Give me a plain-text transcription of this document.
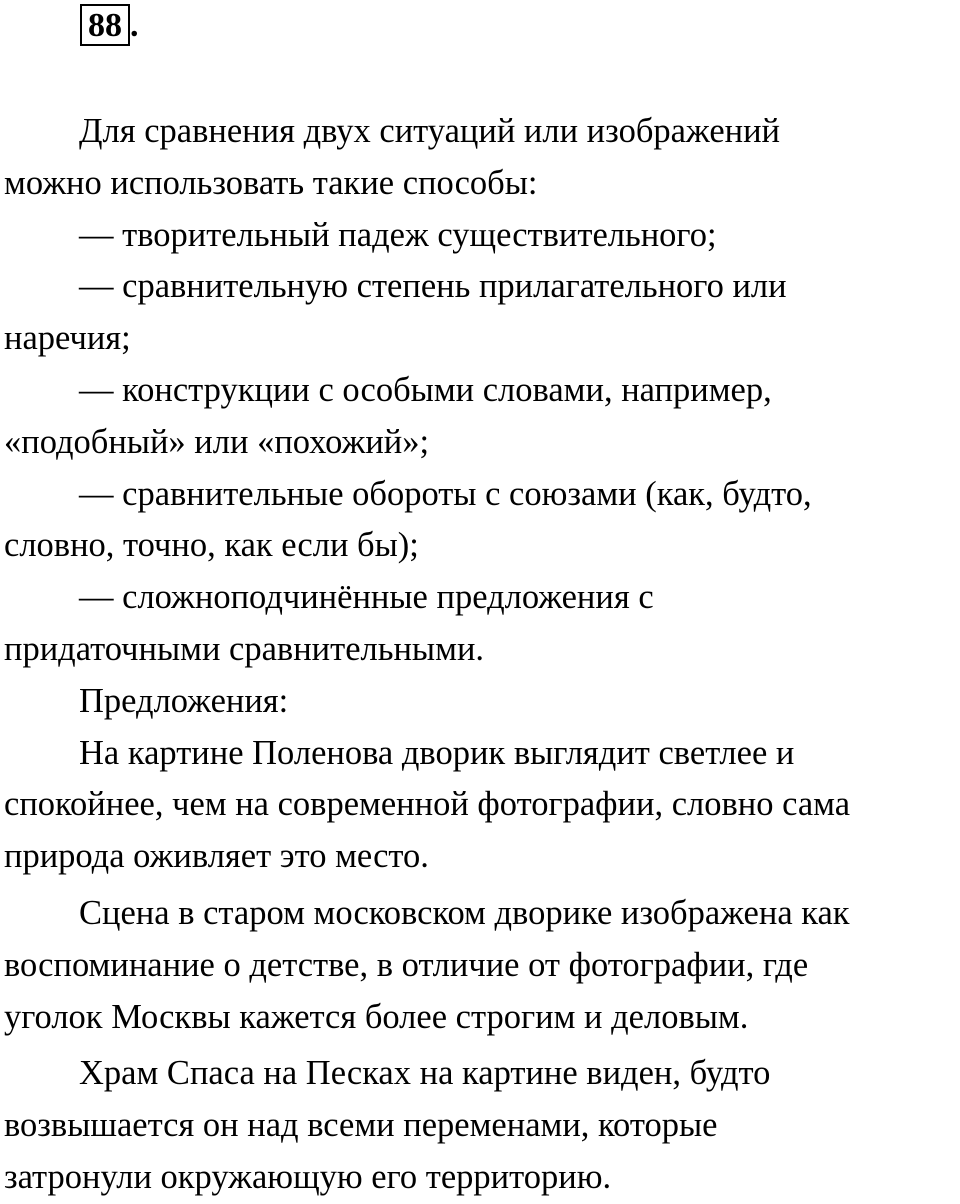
88 .
Для сравнения двух ситуаций или изображений
можно использовать такие способы:
— творительный падеж существительного;
— сравнительную степень прилагательного или
наречия;
— конструкции с особыми словами, например,
«подобный» или «похожий»;
— сравнительные обороты с союзами (как, будто,
словно, точно, как если бы);
— сложноподчинённые предложения с
придаточными сравнительными.
Предложения:
На картине Поленова дворик выглядит светлее и
спокойнее, чем на современной фотографии, словно сама
природа оживляет это место.
Сцена в старом московском дворике изображена как
воспоминание о детстве, в отличие от фотографии, где
уголок Москвы кажется более строгим и деловым.
Храм Спаса на Песках на картине виден, будто
возвышается он над всеми переменами, которые
затронули окружающую его территорию.
